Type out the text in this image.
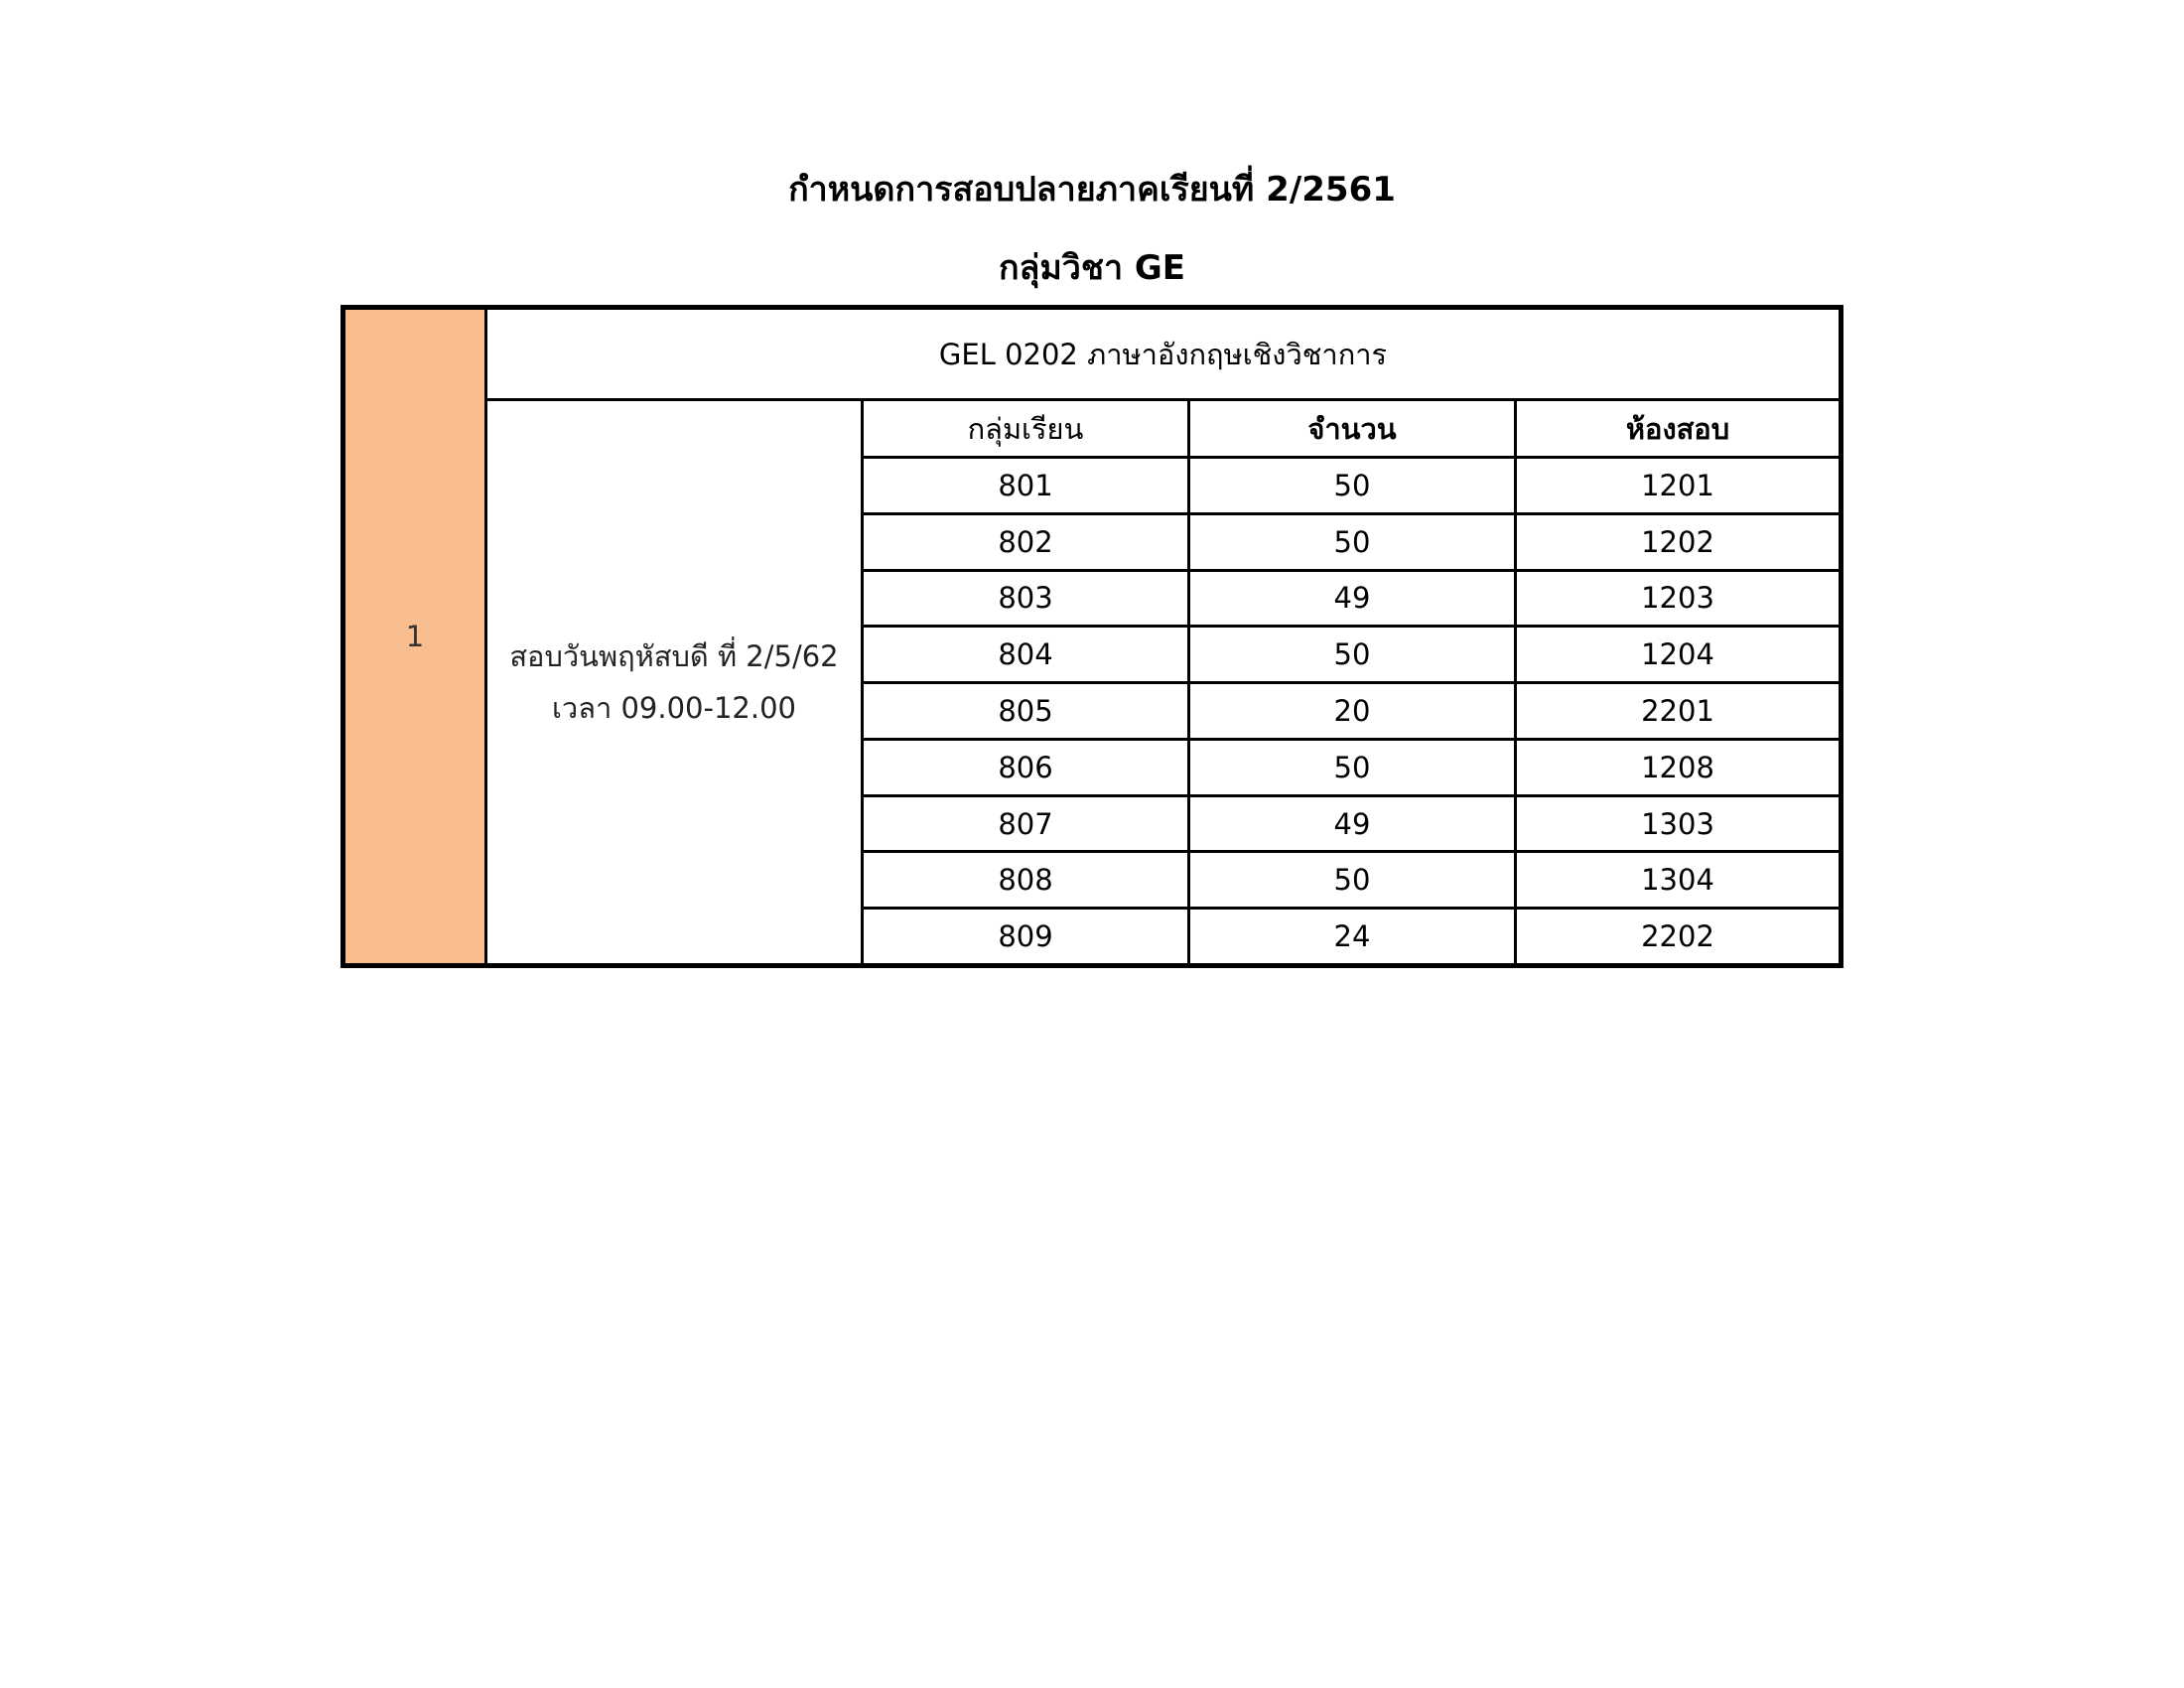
กำหนดการสอบปลายภาคเรียนที่ 2/2561
กลุ่มวิชา GE
1	GEL 0202 ภาษาอังกฤษเชิงวิชาการ			

	สอบวันพฤหัสบดี ที่ 2/5/62
เวลา 09.00-12.00	กลุ่มเรียน	จำนวน	ห้องสอบ
		801	50	1201
		802	50	1202
		803	49	1203
		804	50	1204
		805	20	2201
		806	50	1208
		807	49	1303
		808	50	1304
		809	24	2202
